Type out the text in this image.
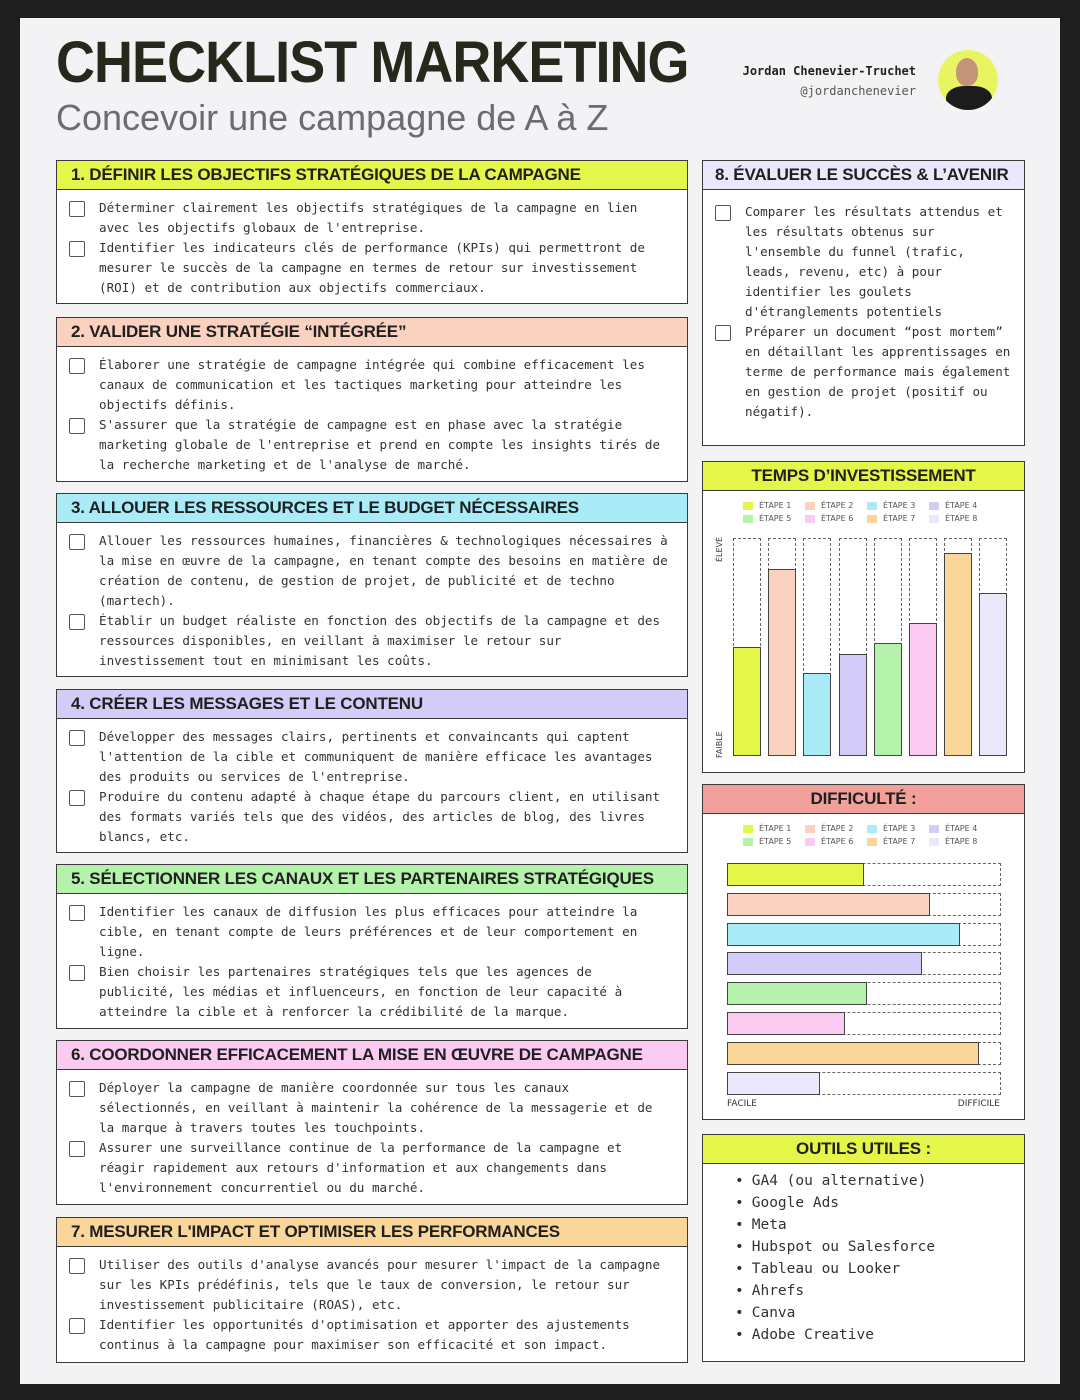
CHECKLIST MARKETING
Concevoir une campagne de A à Z
Jordan Chenevier-Truchet
@jordanchenevier
1. DÉFINIR LES OBJECTIFS STRATÉGIQUES DE LA CAMPAGNE
Déterminer clairement les objectifs stratégiques de la campagne en lien avec les objectifs globaux de l'entreprise.
Identifier les indicateurs clés de performance (KPIs) qui permettront de mesurer le succès de la campagne en termes de retour sur investissement (ROI) et de contribution aux objectifs commerciaux.
2. VALIDER UNE STRATÉGIE “INTÉGRÉE”
Élaborer une stratégie de campagne intégrée qui combine efficacement les canaux de communication et les tactiques marketing pour atteindre les objectifs définis.
S'assurer que la stratégie de campagne est en phase avec la stratégie marketing globale de l'entreprise et prend en compte les insights tirés de la recherche marketing et de l'analyse de marché.
3. ALLOUER LES RESSOURCES ET LE BUDGET NÉCESSAIRES
Allouer les ressources humaines, financières & technologiques nécessaires à la mise en œuvre de la campagne, en tenant compte des besoins en matière de création de contenu, de gestion de projet, de publicité et de techno (martech).
Établir un budget réaliste en fonction des objectifs de la campagne et des ressources disponibles, en veillant à maximiser le retour sur investissement tout en minimisant les coûts.
4. CRÉER LES MESSAGES ET LE CONTENU
Développer des messages clairs, pertinents et convaincants qui captent l'attention de la cible et communiquent de manière efficace les avantages des produits ou services de l'entreprise.
Produire du contenu adapté à chaque étape du parcours client, en utilisant des formats variés tels que des vidéos, des articles de blog, des livres blancs, etc.
5. SÉLECTIONNER LES CANAUX ET LES PARTENAIRES STRATÉGIQUES
Identifier les canaux de diffusion les plus efficaces pour atteindre la cible, en tenant compte de leurs préférences et de leur comportement en ligne.
Bien choisir les partenaires stratégiques tels que les agences de publicité, les médias et influenceurs, en fonction de leur capacité à atteindre la cible et à renforcer la crédibilité de la marque.
6. COORDONNER EFFICACEMENT LA MISE EN ŒUVRE DE CAMPAGNE
Déployer la campagne de manière coordonnée sur tous les canaux sélectionnés, en veillant à maintenir la cohérence de la messagerie et de la marque à travers toutes les touchpoints.
Assurer une surveillance continue de la performance de la campagne et réagir rapidement aux retours d'information et aux changements dans l'environnement concurrentiel ou du marché.
7. MESURER L'IMPACT ET OPTIMISER LES PERFORMANCES
Utiliser des outils d'analyse avancés pour mesurer l'impact de la campagne sur les KPIs prédéfinis, tels que le taux de conversion, le retour sur investissement publicitaire (ROAS), etc.
Identifier les opportunités d'optimisation et apporter des ajustements continus à la campagne pour maximiser son efficacité et son impact.
8. ÉVALUER LE SUCCÈS & L’AVENIR
Comparer les résultats attendus et les résultats obtenus sur l'ensemble du funnel (trafic, leads, revenu, etc) à pour identifier les goulets d'étranglements potentiels
Préparer un document “post mortem” en détaillant les apprentissages en terme de performance mais également en gestion de projet (positif ou négatif).
TEMPS D’INVESTISSEMENT
ÉTAPE 1	ÉTAPE 2	ÉTAPE 3	ÉTAPE 4
ÉTAPE 5	ÉTAPE 6	ÉTAPE 7	ÉTAPE 8
ÉLEVÉ
FAIBLE
DIFFICULTÉ :
ÉTAPE 1	ÉTAPE 2	ÉTAPE 3	ÉTAPE 4
ÉTAPE 5	ÉTAPE 6	ÉTAPE 7	ÉTAPE 8
FACILE	DIFFICILE
OUTILS UTILES :
• GA4 (ou alternative)
• Google Ads
• Meta
• Hubspot ou Salesforce
• Tableau ou Looker
• Ahrefs
• Canva
• Adobe Creative
